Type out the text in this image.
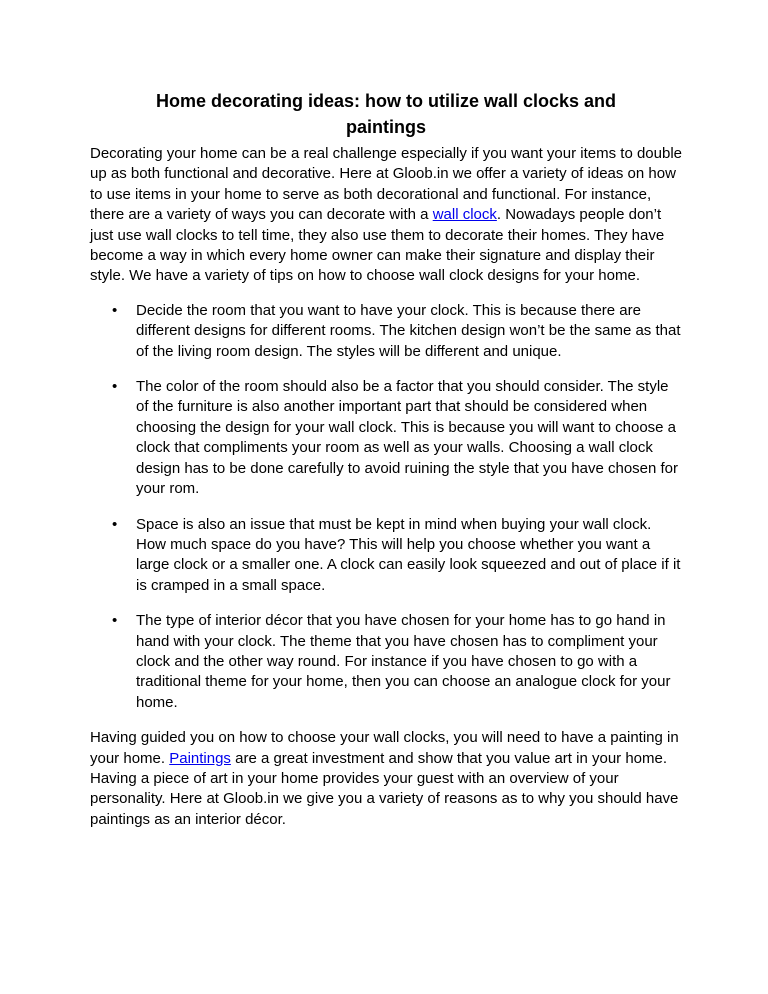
Home decorating ideas: how to utilize wall clocks and paintings

Decorating your home can be a real challenge especially if you want your items to double up as both functional and decorative. Here at Gloob.in we offer a variety of ideas on how to use items in your home to serve as both decorational and functional. For instance, there are a variety of ways you can decorate with a wall clock. Nowadays people don’t just use wall clocks to tell time, they also use them to decorate their homes. They have become a way in which every home owner can make their signature and display their style. We have a variety of tips on how to choose wall clock designs for your home.

• Decide the room that you want to have your clock. This is because there are different designs for different rooms. The kitchen design won’t be the same as that of the living room design. The styles will be different and unique.
• The color of the room should also be a factor that you should consider. The style of the furniture is also another important part that should be considered when choosing the design for your wall clock. This is because you will want to choose a clock that compliments your room as well as your walls. Choosing a wall clock design has to be done carefully to avoid ruining the style that you have chosen for your rom.
• Space is also an issue that must be kept in mind when buying your wall clock. How much space do you have? This will help you choose whether you want a large clock or a smaller one. A clock can easily look squeezed and out of place if it is cramped in a small space.
• The type of interior décor that you have chosen for your home has to go hand in hand with your clock. The theme that you have chosen has to compliment your clock and the other way round. For instance if you have chosen to go with a traditional theme for your home, then you can choose an analogue clock for your home.

Having guided you on how to choose your wall clocks, you will need to have a painting in your home. Paintings are a great investment and show that you value art in your home. Having a piece of art in your home provides your guest with an overview of your personality. Here at Gloob.in we give you a variety of reasons as to why you should have paintings as an interior décor.
